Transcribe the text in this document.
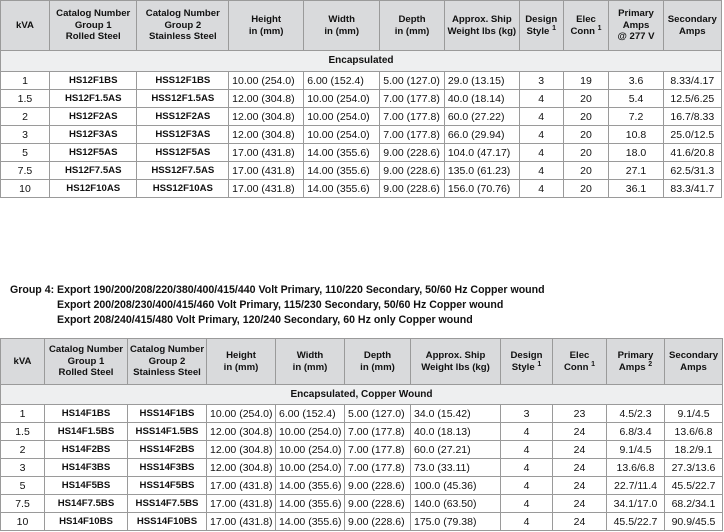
kVA	Catalog Number
Group 1
Rolled Steel	Catalog Number
Group 2
Stainless Steel	Height
in (mm)	Width
in (mm)	Depth
in (mm)	Approx. Ship
Weight lbs (kg)	Design
Style $^1$	Elec
Conn $^1$	Primary
Amps
@ 277 V	Secondary
Amps
Encapsulated										
1	HS12F1BS	HSS12F1BS	10.00 (254.0)	6.00 (152.4)	5.00 (127.0)	29.0 (13.15)	3	19	3.6	8.33/4.17
1.5	HS12F1.5AS	HSS12F1.5AS	12.00 (304.8)	10.00 (254.0)	7.00 (177.8)	40.0 (18.14)	4	20	5.4	12.5/6.25
2	HS12F2AS	HSS12F2AS	12.00 (304.8)	10.00 (254.0)	7.00 (177.8)	60.0 (27.22)	4	20	7.2	16.7/8.33
3	HS12F3AS	HSS12F3AS	12.00 (304.8)	10.00 (254.0)	7.00 (177.8)	66.0 (29.94)	4	20	10.8	25.0/12.5
5	HS12F5AS	HSS12F5AS	17.00 (431.8)	14.00 (355.6)	9.00 (228.6)	104.0 (47.17)	4	20	18.0	41.6/20.8
7.5	HS12F7.5AS	HSS12F7.5AS	17.00 (431.8)	14.00 (355.6)	9.00 (228.6)	135.0 (61.23)	4	20	27.1	62.5/31.3
10	HS12F10AS	HSS12F10AS	17.00 (431.8)	14.00 (355.6)	9.00 (228.6)	156.0 (70.76)	4	20	36.1	83.3/41.7
Group 4: Export 190/200/208/220/380/400/415/440 Volt Primary, 110/220 Secondary, 50/60 Hz Copper wound
Export 200/208/230/400/415/460 Volt Primary, 115/230 Secondary, 50/60 Hz Copper wound
Export 208/240/415/480 Volt Primary, 120/240 Secondary, 60 Hz only Copper wound
kVA	Catalog Number
Group 1
Rolled Steel	Catalog Number
Group 2
Stainless Steel	Height
in (mm)	Width
in (mm)	Depth
in (mm)	Approx. Ship
Weight lbs (kg)	Design
Style $^1$	Elec
Conn $^1$	Primary
Amps $^2$	Secondary
Amps
Encapsulated, Copper Wound										
1	HS14F1BS	HSS14F1BS	10.00 (254.0)	6.00 (152.4)	5.00 (127.0)	34.0 (15.42)	3	23	4.5/2.3	9.1/4.5
1.5	HS14F1.5BS	HSS14F1.5BS	12.00 (304.8)	10.00 (254.0)	7.00 (177.8)	40.0 (18.13)	4	24	6.8/3.4	13.6/6.8
2	HS14F2BS	HSS14F2BS	12.00 (304.8)	10.00 (254.0)	7.00 (177.8)	60.0 (27.21)	4	24	9.1/4.5	18.2/9.1
3	HS14F3BS	HSS14F3BS	12.00 (304.8)	10.00 (254.0)	7.00 (177.8)	73.0 (33.11)	4	24	13.6/6.8	27.3/13.6
5	HS14F5BS	HSS14F5BS	17.00 (431.8)	14.00 (355.6)	9.00 (228.6)	100.0 (45.36)	4	24	22.7/11.4	45.5/22.7
7.5	HS14F7.5BS	HSS14F7.5BS	17.00 (431.8)	14.00 (355.6)	9.00 (228.6)	140.0 (63.50)	4	24	34.1/17.0	68.2/34.1
10	HS14F10BS	HSS14F10BS	17.00 (431.8)	14.00 (355.6)	9.00 (228.6)	175.0 (79.38)	4	24	45.5/22.7	90.9/45.5
